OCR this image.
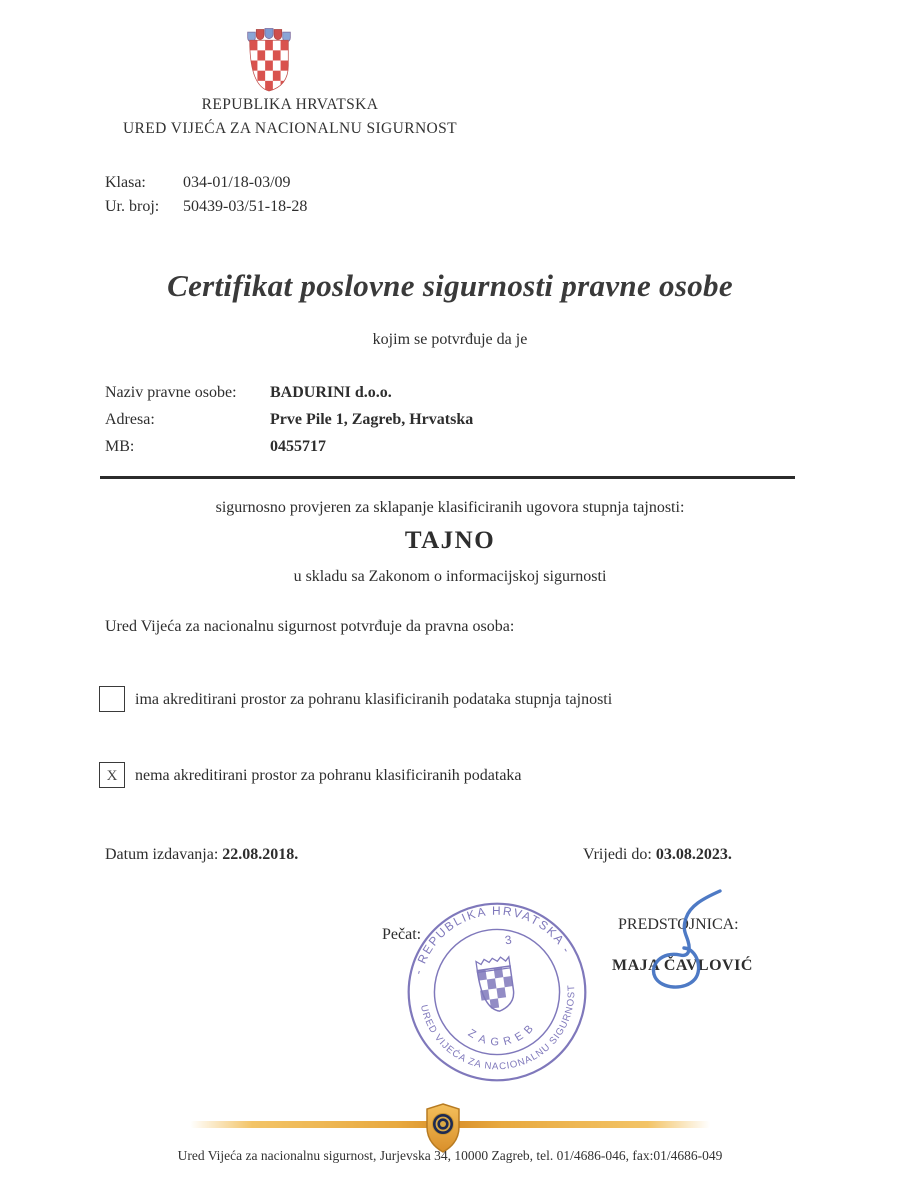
REPUBLIKA HRVATSKA
URED VIJEĆA ZA NACIONALNU SIGURNOST
Klasa:	034-01/18-03/09
Ur. broj:	50439-03/51-18-28
Certifikat poslovne sigurnosti pravne osobe
kojim se potvrđuje da je
Naziv pravne osobe:	BADURINI d.o.o.
Adresa:	Prve Pile 1, Zagreb, Hrvatska
MB:	0455717
sigurnosno provjeren za sklapanje klasificiranih ugovora stupnja tajnosti:
TAJNO
u skladu sa Zakonom o informacijskoj sigurnosti
Ured Vijeća za nacionalnu sigurnost potvrđuje da pravna osoba:
ima akreditirani prostor za pohranu klasificiranih podataka stupnja tajnosti
X	nema akreditirani prostor za pohranu klasificiranih podataka
Datum izdavanja: 22.08.2018.	Vrijedi do: 03.08.2023.
Pečat:
- REPUBLIKA HRVATSKA -
URED VIJEĆA ZA NACIONALNU SIGURNOST
3
ZAGREB
PREDSTOJNICA:
MAJA ČAVLOVIĆ
Ured Vijeća za nacionalnu sigurnost, Jurjevska 34, 10000 Zagreb, tel. 01/4686-046, fax:01/4686-049
